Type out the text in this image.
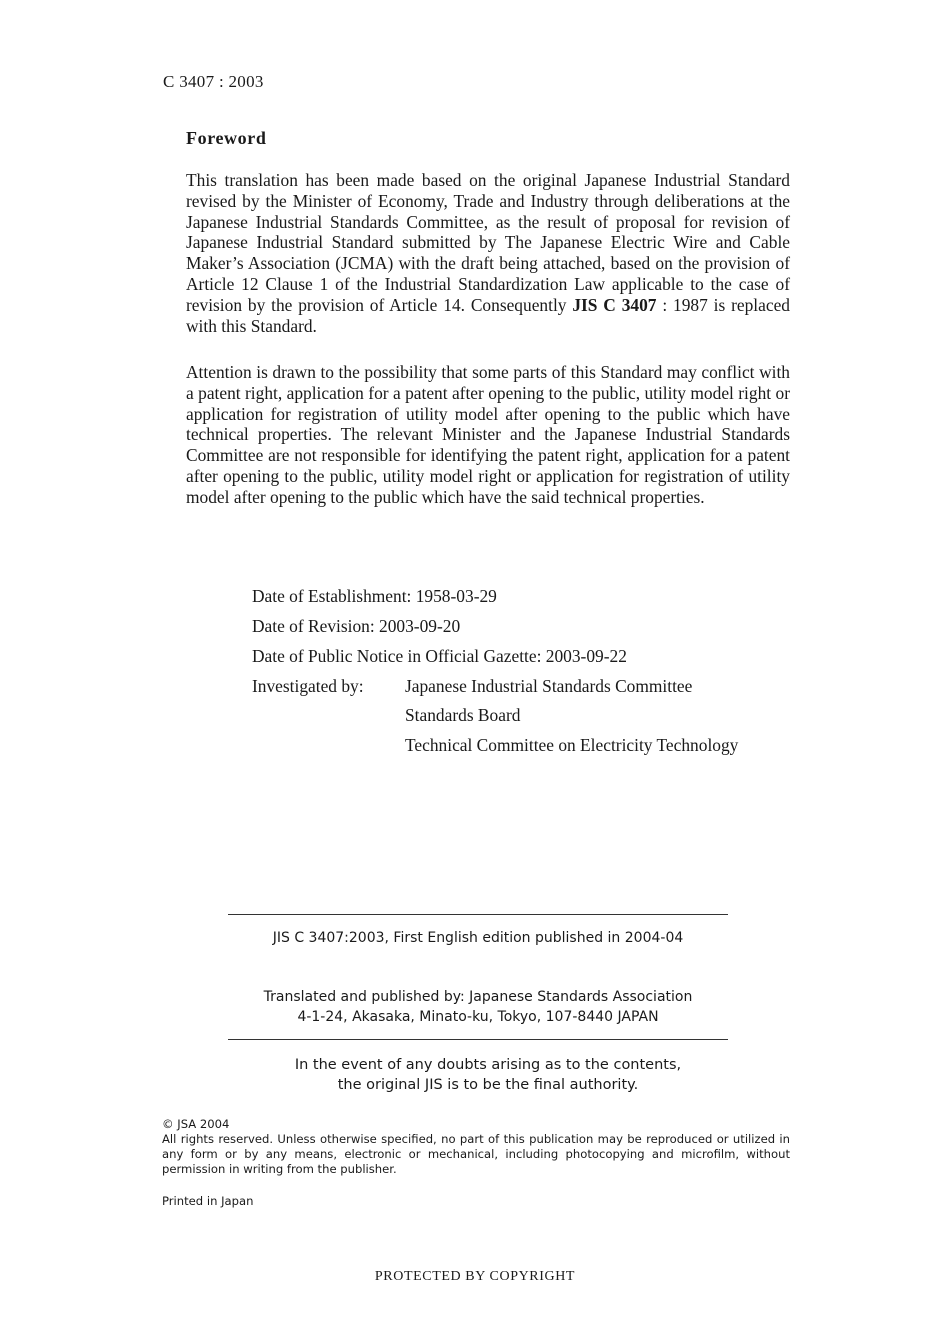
C 3407 : 2003
Foreword
This translation has been made based on the original Japanese Industrial Standard revised by the Minister of Economy, Trade and Industry through deliberations at the Japanese Industrial Standards Committee, as the result of proposal for revision of Japanese Industrial Standard submitted by The Japanese Electric Wire and Cable Maker’s Association (JCMA) with the draft being attached, based on the provision of Article 12 Clause 1 of the Industrial Standardization Law applicable to the case of revision by the provision of Article 14. Consequently JIS C 3407 : 1987 is replaced with this Standard.
Attention is drawn to the possibility that some parts of this Standard may conflict with a patent right, application for a patent after opening to the public, utility model right or application for registration of utility model after opening to the public which have technical properties. The relevant Minister and the Japanese Industrial Standards Committee are not responsible for identifying the patent right, application for a patent after opening to the public, utility model right or application for registration of utility model after opening to the public which have the said technical properties.
Date of Establishment: 1958-03-29
Date of Revision: 2003-09-20
Date of Public Notice in Official Gazette: 2003-09-22
Investigated by: Japanese Industrial Standards Committee
Standards Board
Technical Committee on Electricity Technology
JIS C 3407:2003, First English edition published in 2004-04
Translated and published by: Japanese Standards Association
4-1-24, Akasaka, Minato-ku, Tokyo, 107-8440 JAPAN
In the event of any doubts arising as to the contents,
the original JIS is to be the final authority.
© JSA 2004
All rights reserved. Unless otherwise specified, no part of this publication may be reproduced or utilized in any form or by any means, electronic or mechanical, including photocopying and microfilm, without permission in writing from the publisher.
Printed in Japan
PROTECTED BY COPYRIGHT
